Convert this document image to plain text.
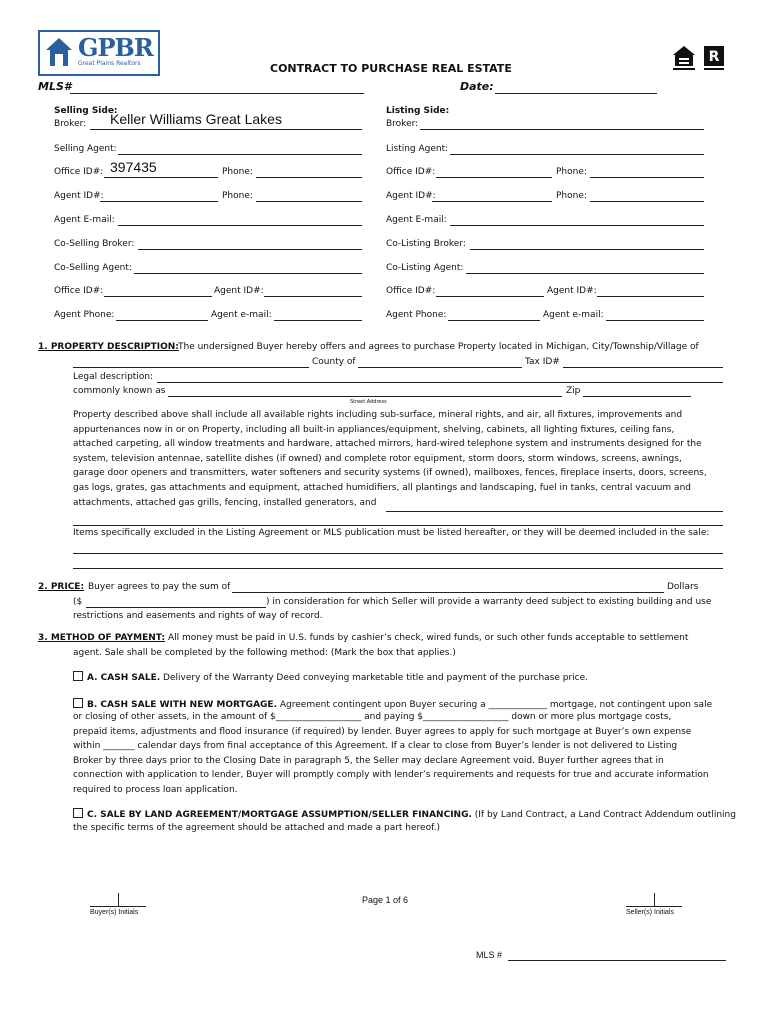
GPBR
Great Plains Realtors	R
CONTRACT TO PURCHASE REAL ESTATE
MLS#	Date:
Selling Side:
Broker: Keller Williams Great Lakes
Selling Agent:
Office ID#: 397435	Phone:
Agent ID#:	Phone:
Agent E-mail:
Co-Selling Broker:
Co-Selling Agent:
Office ID#:	Agent ID#:
Agent Phone:	Agent e-mail:
Listing Side:
Broker:
Listing Agent:
Office ID#:	Phone:
Agent ID#:	Phone:
Agent E-mail:
Co-Listing Broker:
Co-Listing Agent:
Office ID#:	Agent ID#:
Agent Phone:	Agent e-mail:
1. PROPERTY DESCRIPTION: The undersigned Buyer hereby offers and agrees to purchase Property located in Michigan, City/Township/Village of
County of	Tax ID#
Legal description:
commonly known as	Zip
Street Address
Property described above shall include all available rights including sub-surface, mineral rights, and air, all fixtures, improvements and
appurtenances now in or on Property, including all built-in appliances/equipment, shelving, cabinets, all lighting fixtures, ceiling fans,
attached carpeting, all window treatments and hardware, attached mirrors, hard-wired telephone system and instruments designed for the
system, television antennae, satellite dishes (if owned) and complete rotor equipment, storm doors, storm windows, screens, awnings,
garage door openers and transmitters, water softeners and security systems (if owned), mailboxes, fences, fireplace inserts, doors, screens,
gas logs, grates, gas attachments and equipment, attached humidifiers, all plantings and landscaping, fuel in tanks, central vacuum and
attachments, attached gas grills, fencing, installed generators, and
Items specifically excluded in the Listing Agreement or MLS publication must be listed hereafter, or they will be deemed included in the sale:
2. PRICE: Buyer agrees to pay the sum of	Dollars
($	) in consideration for which Seller will provide a warranty deed subject to existing building and use
restrictions and easements and rights of way of record.
3. METHOD OF PAYMENT: All money must be paid in U.S. funds by cashier’s check, wired funds, or such other funds acceptable to settlement
agent. Sale shall be completed by the following method: (Mark the box that applies.)
A. CASH SALE. Delivery of the Warranty Deed conveying marketable title and payment of the purchase price.
B. CASH SALE WITH NEW MORTGAGE. Agreement contingent upon Buyer securing a _____________ mortgage, not contingent upon sale
or closing of other assets, in the amount of $___________________ and paying $___________________ down or more plus mortgage costs,
prepaid items, adjustments and flood insurance (if required) by lender. Buyer agrees to apply for such mortgage at Buyer’s own expense
within _______ calendar days from final acceptance of this Agreement. If a clear to close from Buyer’s lender is not delivered to Listing
Broker by three days prior to the Closing Date in paragraph 5, the Seller may declare Agreement void. Buyer further agrees that in
connection with application to lender, Buyer will promptly comply with lender’s requirements and requests for true and accurate information
required to process loan application.
C. SALE BY LAND AGREEMENT/MORTGAGE ASSUMPTION/SELLER FINANCING. (If by Land Contract, a Land Contract Addendum outlining
the specific terms of the agreement should be attached and made a part hereof.)
Page 1 of 6
Buyer(s) Initials	Seller(s) Initials
MLS #
